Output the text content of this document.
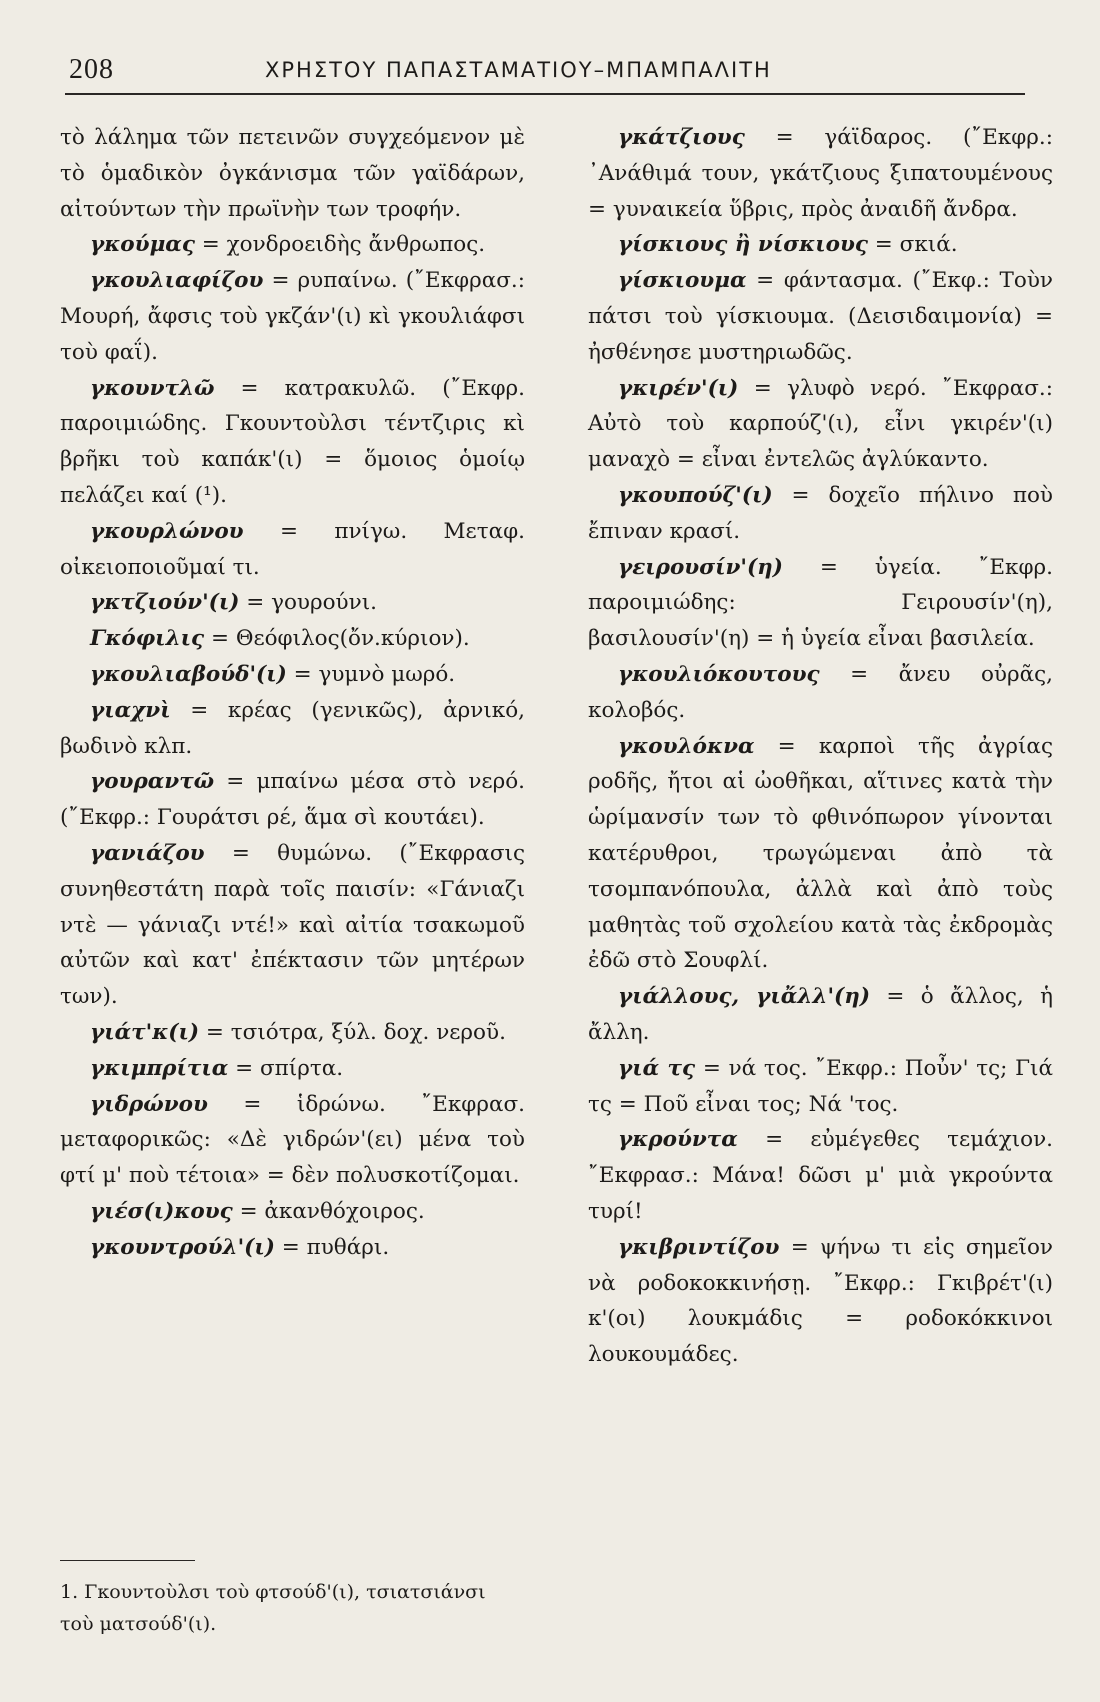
208	ΧΡΗΣΤΟΥ ΠΑΠΑΣΤΑΜΑΤΙΟΥ–ΜΠΑΜΠΑΛΙΤΗ
τὸ λάλημα τῶν πετεινῶν συγχεόμενον μὲ τὸ ὁμαδικὸν ὀγκάνισμα τῶν γαϊδάρων, αἰτούντων τὴν πρωϊνὴν των τροφήν.
γκούμας = χονδροειδὴς ἄνθρωπος.
γκουλιαφίζου = ρυπαίνω. (῎Εκφρασ.: Μουρή, ἄφσις τοὺ γκζάν'(ι) κὶ γκουλιάφσι τοὺ φαΐ).
γκουντλῶ = κατρακυλῶ. (῎Εκφρ. παροιμιώδης. Γκουντοὺλσι τέντζιρις κὶ βρῆκι τοὺ καπάκ'(ι) = ὅμοιος ὁμοίῳ πελάζει καί (¹).
γκουρλώνου = πνίγω. Μεταφ. οἰκειοποιοῦμαί τι.
γκτζιούν'(ι) = γουρούνι.
Γκόφιλις = Θεόφιλος(ὄν.κύριον).
γκουλιαβούδ'(ι) = γυμνὸ μωρό.
γιαχνὶ = κρέας (γενικῶς), ἀρνικό, βωδινὸ κλπ.
γουραντῶ = μπαίνω μέσα στὸ νερό. (῎Εκφρ.: Γουράτσι ρέ, ἅμα σὶ κουτάει).
γανιάζου = θυμώνω. (῎Εκφρασις συνηθεστάτη παρὰ τοῖς παισίν: «Γάνιαζι ντὲ — γάνιαζι ντέ!» καὶ αἰτία τσακωμοῦ αὐτῶν καὶ κατ' ἐπέκτασιν τῶν μητέρων των).
γιάτ'κ(ι) = τσιότρα, ξύλ. δοχ. νεροῦ.
γκιμπρίτια = σπίρτα.
γιδρώνου = ἱδρώνω. ῎Εκφρασ. μεταφορικῶς: «Δὲ γιδρών'(ει) μένα τοὺ φτί μ' ποὺ τέτοια» = δὲν πολυσκοτίζομαι.
γιέσ(ι)κους = ἀκανθόχοιρος.
γκουντρούλ'(ι) = πυθάρι.
γκάτζιους = γάϊδαρος. (῎Εκφρ.: ᾿Ανάθιμά τουν, γκάτζιους ξιπατουμένους = γυναικεία ὕβρις, πρὸς ἀναιδῆ ἄνδρα.
γίσκιους ἢ νίσκιους = σκιά.
γίσκιουμα = φάντασμα. (῎Εκφ.: Τοὺν πάτσι τοὺ γίσκιουμα. (Δεισιδαιμονία) = ἠσθένησε μυστηριωδῶς.
γκιρέν'(ι) = γλυφὸ νερό. ῎Εκφρασ.: Αὐτὸ τοὺ καρπούζ'(ι), εἶνι γκιρέν'(ι) μαναχὸ = εἶναι ἐντελῶς ἀγλύκαντο.
γκουπούζ'(ι) = δοχεῖο πήλινο ποὺ ἔπιναν κρασί.
γειρουσίν'(η) = ὑγεία. ῎Εκφρ. παροιμιώδης: Γειρουσίν'(η), βασιλουσίν'(η) = ἡ ὑγεία εἶναι βασιλεία.
γκουλιόκουτους = ἄνευ οὐρᾶς, κολοβός.
γκουλόκνα = καρποὶ τῆς ἀγρίας ροδῆς, ἤτοι αἱ ὠοθῆκαι, αἵτινες κατὰ τὴν ὡρίμανσίν των τὸ φθινόπωρον γίνονται κατέρυθροι, τρωγώμεναι ἀπὸ τὰ τσομπανόπουλα, ἀλλὰ καὶ ἀπὸ τοὺς μαθητὰς τοῦ σχολείου κατὰ τὰς ἐκδρομὰς ἐδῶ στὸ Σουφλί.
γιάλλους, γιἄλλ'(η) = ὁ ἄλλος, ἡ ἄλλη.
γιά τς = νά τος. ῎Εκφρ.: Ποὖν' τς; Γιά τς = Ποῦ εἶναι τος; Νά 'τος.
γκρούντα = εὐμέγεθες τεμάχιον. ῎Εκφρασ.: Μάνα! δῶσι μ' μιὰ γκρούντα τυρί!
γκιβριντίζου = ψήνω τι εἰς σημεῖον νὰ ροδοκοκκινήσῃ. ῎Εκφρ.: Γκιβρέτ'(ι) κ'(οι) λουκμάδις = ροδοκόκκινοι λουκουμάδες.
1. Γκουντοὺλσι τοὺ φτσούδ'(ι), τσιατσιάνσι τοὺ ματσούδ'(ι).
